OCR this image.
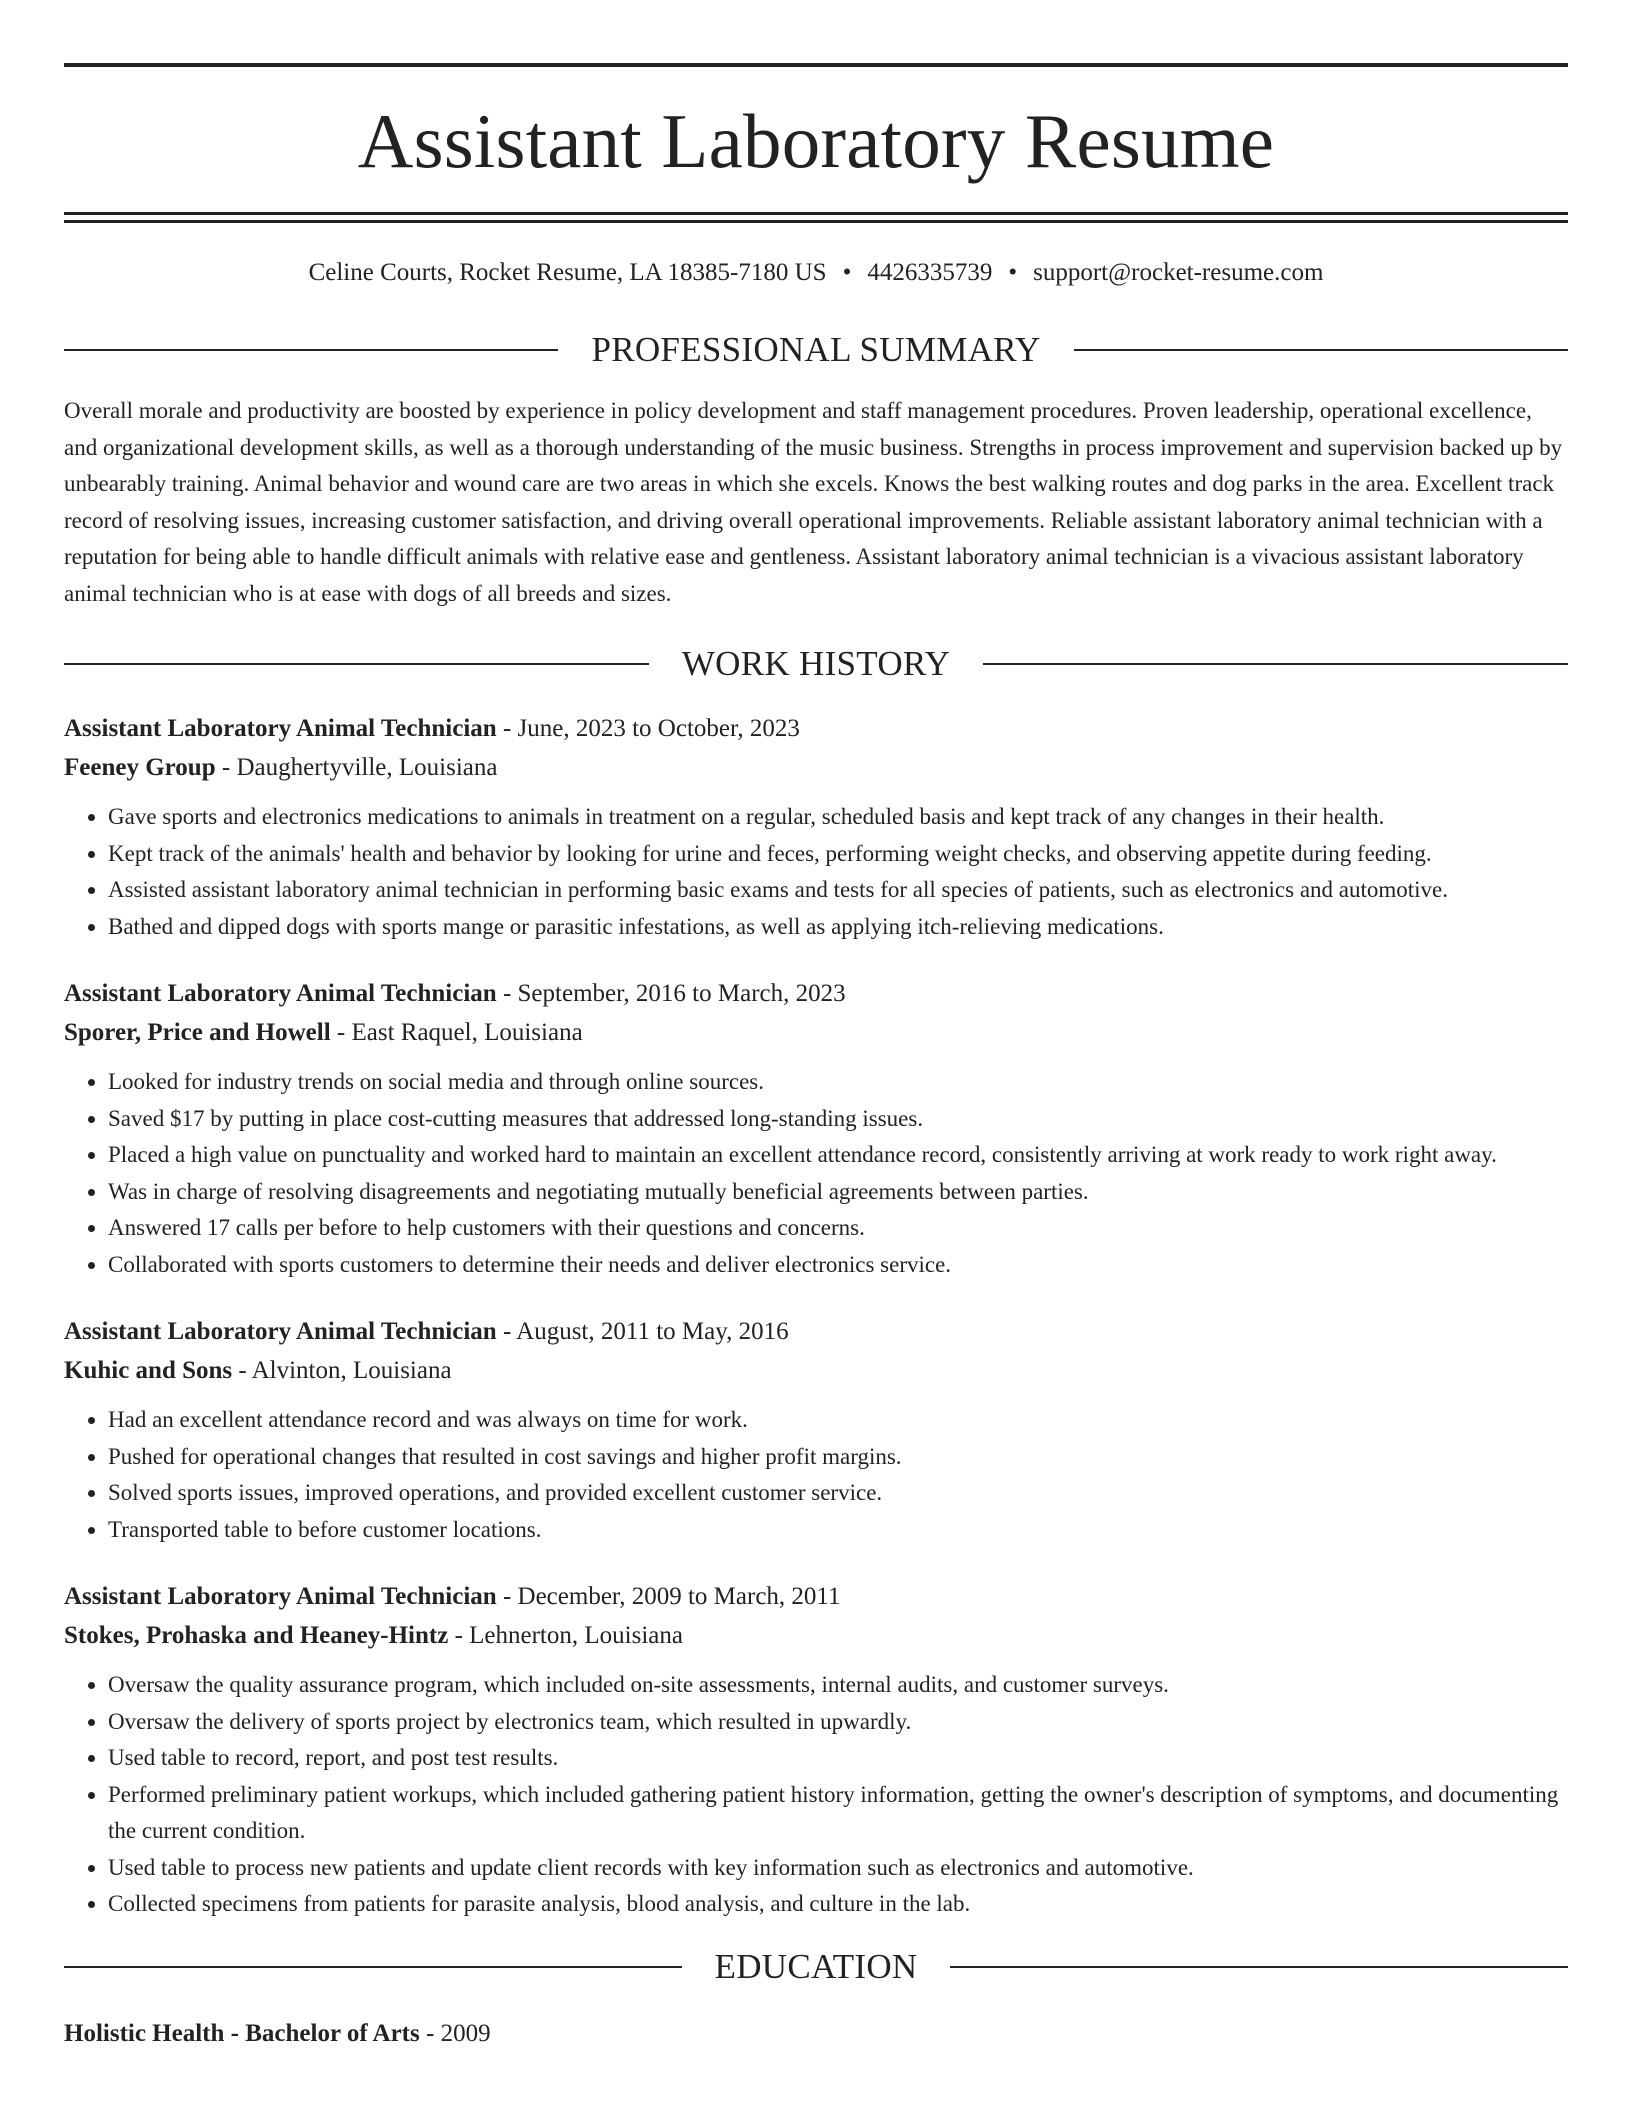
Assistant Laboratory Resume
Celine Courts, Rocket Resume, LA 18385-7180 US • 4426335739 • support@rocket-resume.com
PROFESSIONAL SUMMARY

Overall morale and productivity are boosted by experience in policy development and staff management procedures. Proven leadership, operational excellence, and organizational development skills, as well as a thorough understanding of the music business. Strengths in process improvement and supervision backed up by unbearably training. Animal behavior and wound care are two areas in which she excels. Knows the best walking routes and dog parks in the area. Excellent track record of resolving issues, increasing customer satisfaction, and driving overall operational improvements. Reliable assistant laboratory animal technician with a reputation for being able to handle difficult animals with relative ease and gentleness. Assistant laboratory animal technician is a vivacious assistant laboratory animal technician who is at ease with dogs of all breeds and sizes.

WORK HISTORY
Assistant Laboratory Animal Technician - June, 2023 to October, 2023
Feeney Group - Daughertyville, Louisiana
• Gave sports and electronics medications to animals in treatment on a regular, scheduled basis and kept track of any changes in their health.
• Kept track of the animals' health and behavior by looking for urine and feces, performing weight checks, and observing appetite during feeding.
• Assisted assistant laboratory animal technician in performing basic exams and tests for all species of patients, such as electronics and automotive.
• Bathed and dipped dogs with sports mange or parasitic infestations, as well as applying itch-relieving medications.
Assistant Laboratory Animal Technician - September, 2016 to March, 2023
Sporer, Price and Howell - East Raquel, Louisiana
• Looked for industry trends on social media and through online sources.
• Saved $17 by putting in place cost-cutting measures that addressed long-standing issues.
• Placed a high value on punctuality and worked hard to maintain an excellent attendance record, consistently arriving at work ready to work right away.
• Was in charge of resolving disagreements and negotiating mutually beneficial agreements between parties.
• Answered 17 calls per before to help customers with their questions and concerns.
• Collaborated with sports customers to determine their needs and deliver electronics service.
Assistant Laboratory Animal Technician - August, 2011 to May, 2016
Kuhic and Sons - Alvinton, Louisiana
• Had an excellent attendance record and was always on time for work.
• Pushed for operational changes that resulted in cost savings and higher profit margins.
• Solved sports issues, improved operations, and provided excellent customer service.
• Transported table to before customer locations.
Assistant Laboratory Animal Technician - December, 2009 to March, 2011
Stokes, Prohaska and Heaney-Hintz - Lehnerton, Louisiana
• Oversaw the quality assurance program, which included on-site assessments, internal audits, and customer surveys.
• Oversaw the delivery of sports project by electronics team, which resulted in upwardly.
• Used table to record, report, and post test results.
• Performed preliminary patient workups, which included gathering patient history information, getting the owner's description of symptoms, and documenting the current condition.
• Used table to process new patients and update client records with key information such as electronics and automotive.
• Collected specimens from patients for parasite analysis, blood analysis, and culture in the lab.
EDUCATION
Holistic Health - Bachelor of Arts - 2009
